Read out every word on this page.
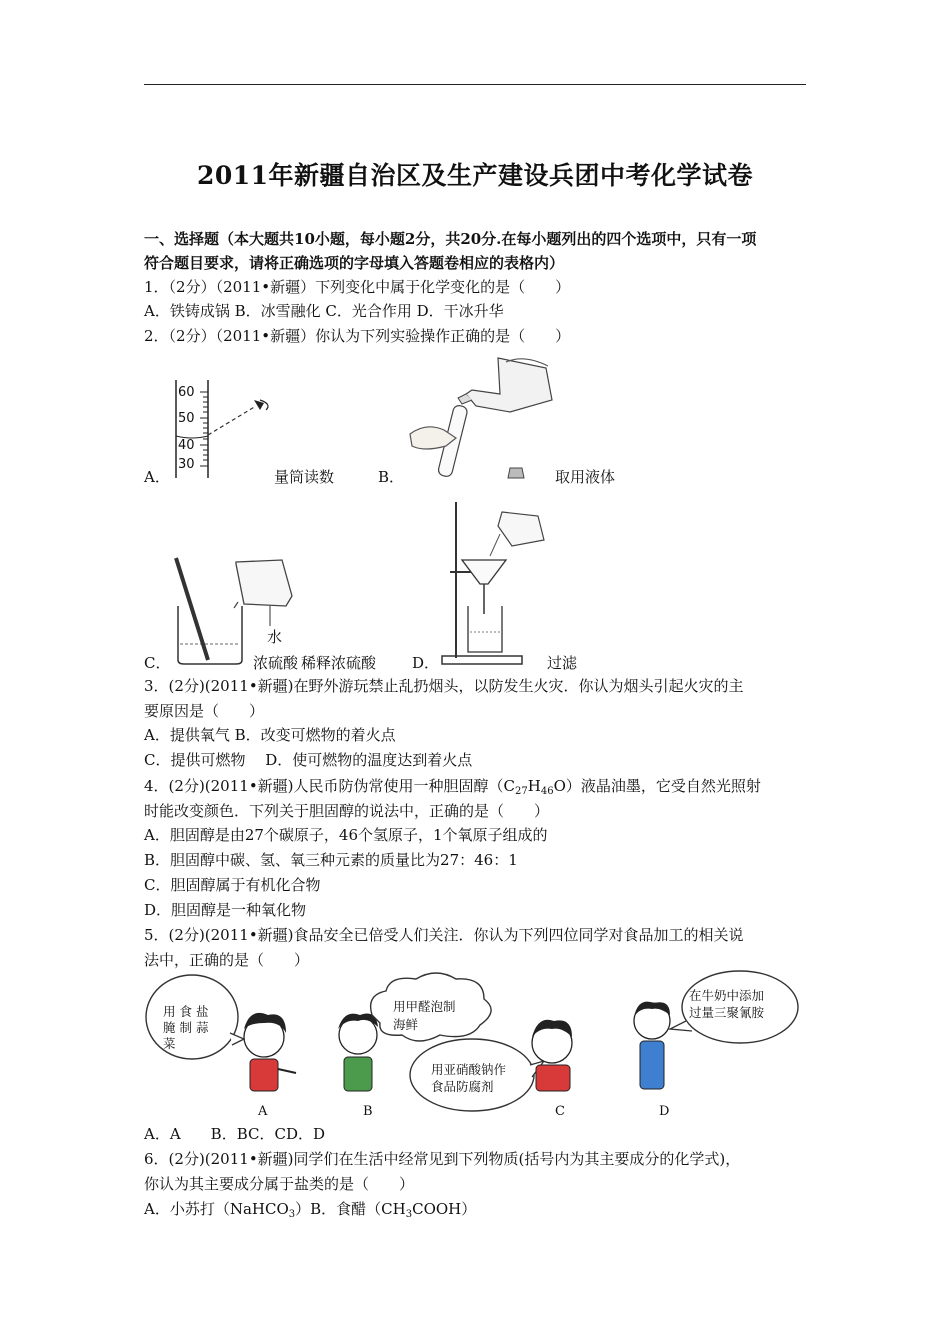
2011年新疆自治区及生产建设兵团中考化学试卷
一、选择题（本大题共10小题，每小题2分，共20分.在每小题列出的四个选项中，只有一项
符合题目要求，请将正确选项的字母填入答题卷相应的表格内）
1．（2分）（2011•新疆）下列变化中属于化学变化的是（　　）
A．铁铸成锅 B．冰雪融化 C．光合作用 D．干冰升华
2．（2分）（2011•新疆）你认为下列实验操作正确的是（　　）
A．
60
50
40
30
量筒读数	B．	取用液体
C．
水
浓硫酸 稀释浓硫酸 D．	过滤
3．(2分)(2011•新疆)在野外游玩禁止乱扔烟头，以防发生火灾．你认为烟头引起火灾的主
要原因是（　　）
A．提供氧气 B．改变可燃物的着火点
C．提供可燃物　 D．使可燃物的温度达到着火点
4．(2分)(2011•新疆)人民币防伪常使用一种胆固醇$(C_{27}H_{46}O)$液晶油墨，它受自然光照射
时能改变颜色．下列关于胆固醇的说法中，正确的是（　　）
A．胆固醇是由27个碳原子，46个氢原子，1个氧原子组成的
B．胆固醇中碳、氢、氧三种元素的质量比为27：46：1
C．胆固醇属于有机化合物
D．胆固醇是一种氧化物
5．(2分)(2011•新疆)食品安全已倍受人们关注．你认为下列四位同学对食品加工的相关说
法中，正确的是（　　）
用 食 盐
腌 制 蒜
菜
用甲醛泡制
海鲜
用亚硝酸钠作
食品防腐剂
在牛奶中添加
过量三聚氰胺
A	B	C	D
A．A　　B．BC．CD．D
6．(2分)(2011•新疆)同学们在生活中经常见到下列物质(括号内为其主要成分的化学式)，
你认为其主要成分属于盐类的是（　　）
A．小苏打（NaHCO$_3$）B．食醋$(CH_3COOH)$
